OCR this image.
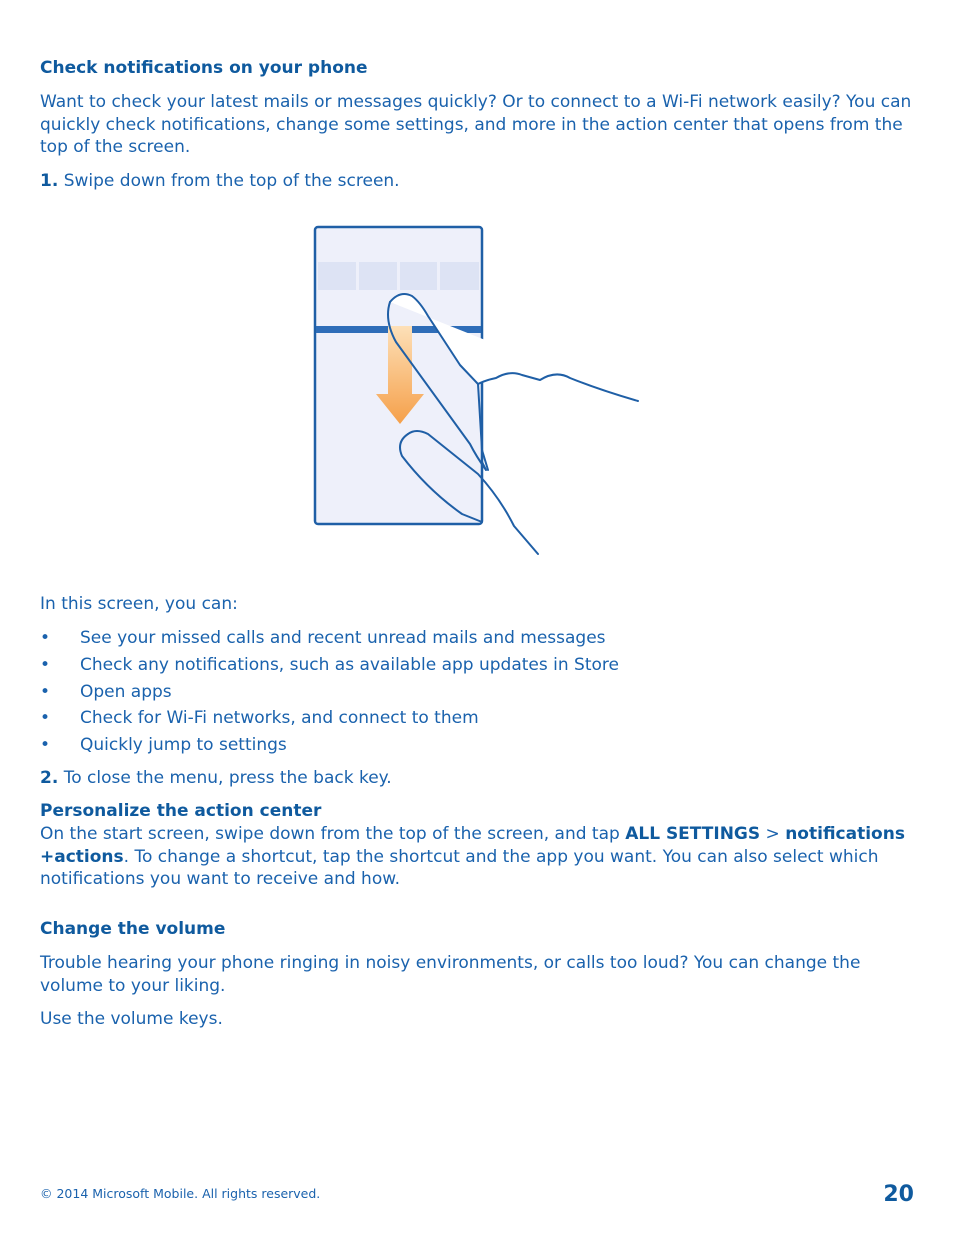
Check notifications on your phone
Want to check your latest mails or messages quickly? Or to connect to a Wi-Fi network easily? You can quickly check notifications, change some settings, and more in the action center that opens from the top of the screen.
1. Swipe down from the top of the screen.
In this screen, you can:
• See your missed calls and recent unread mails and messages
• Check any notifications, such as available app updates in Store
• Open apps
• Check for Wi-Fi networks, and connect to them
• Quickly jump to settings
2. To close the menu, press the back key.
Personalize the action center
On the start screen, swipe down from the top of the screen, and tap ALL SETTINGS > notifications +actions. To change a shortcut, tap the shortcut and the app you want. You can also select which notifications you want to receive and how.
Change the volume
Trouble hearing your phone ringing in noisy environments, or calls too loud? You can change the volume to your liking.
Use the volume keys.
© 2014 Microsoft Mobile. All rights reserved.	20
